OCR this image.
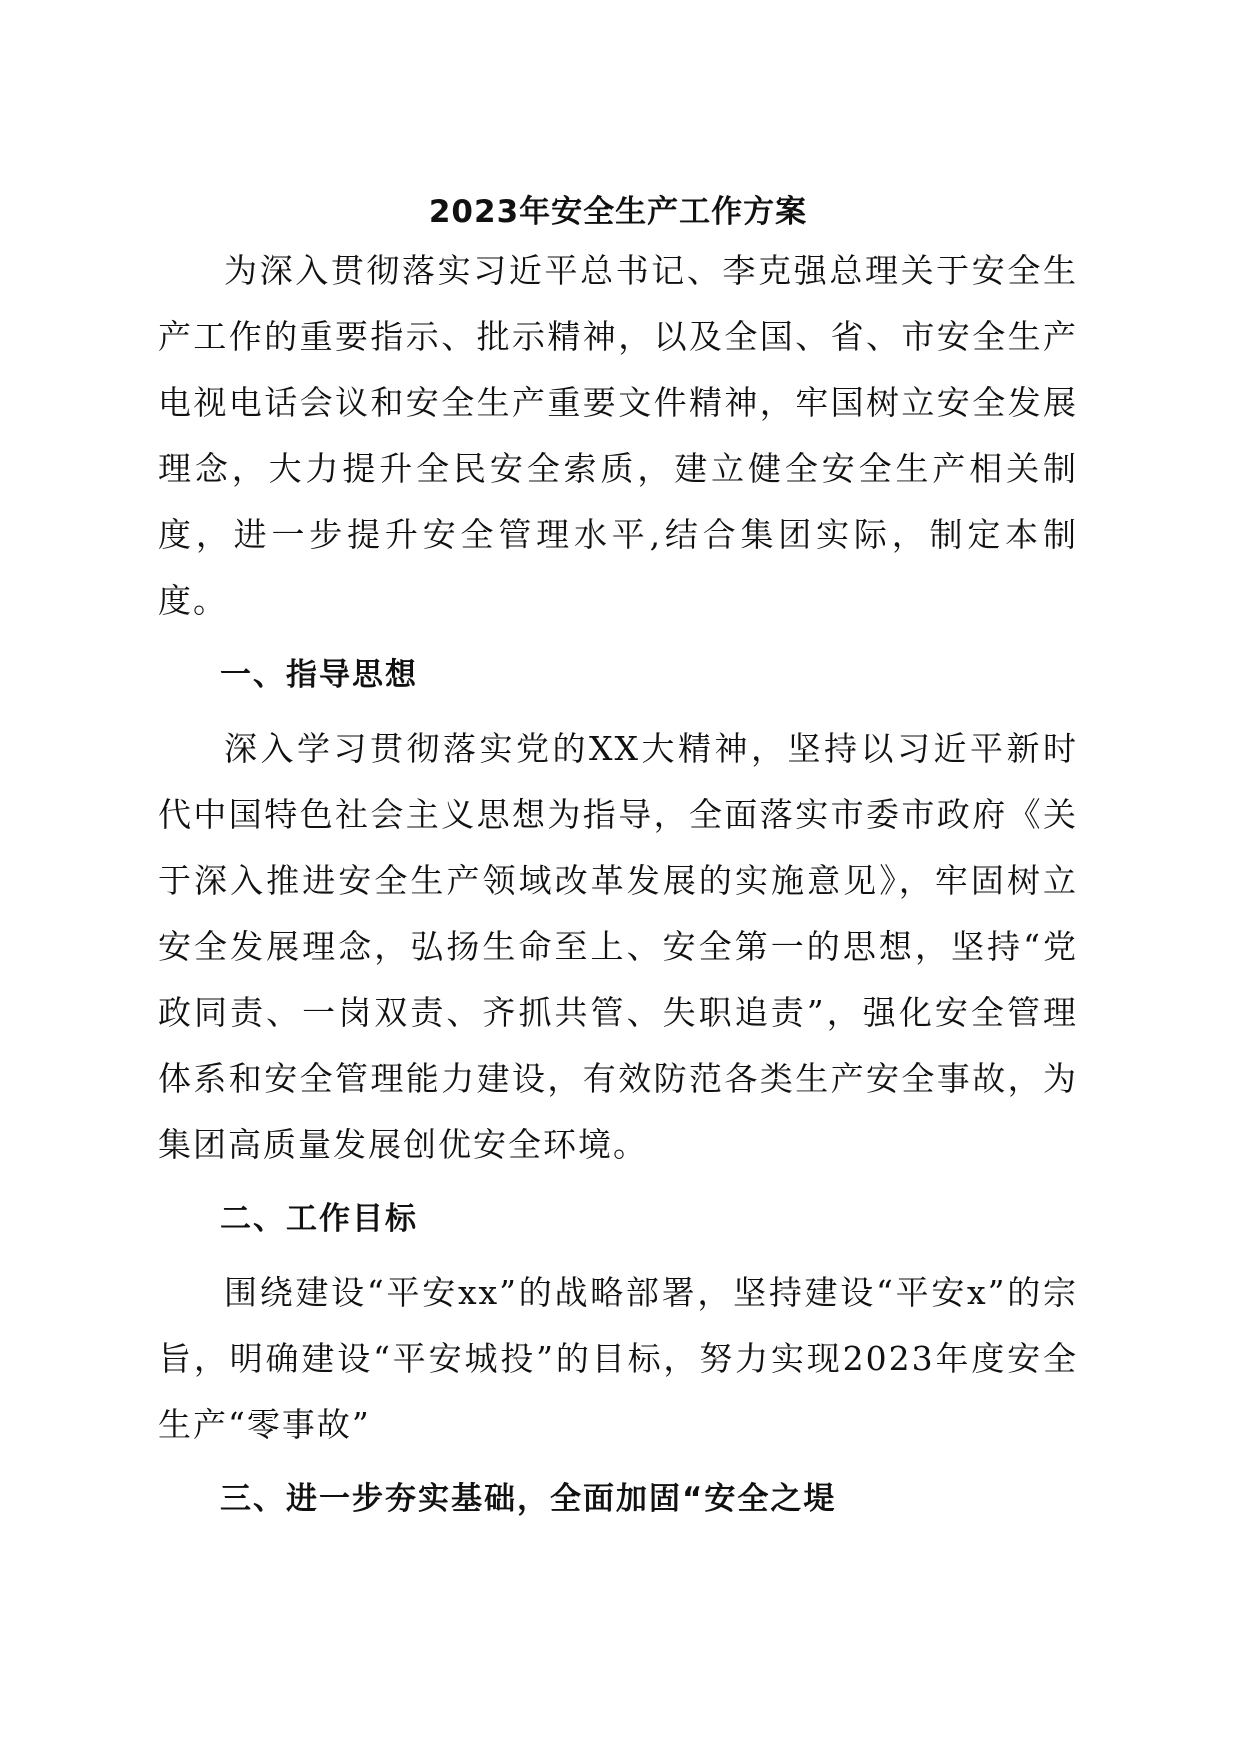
2023年安全生产工作方案

为深入贯彻落实习近平总书记、李克强总理关于安全生产工作的重要指示、批示精神，以及全国、省、市安全生产电视电话会议和安全生产重要文件精神，牢国树立安全发展理念，大力提升全民安全索质，建立健全安全生产相关制度，进一步提升安全管理水平,结合集团实际，制定本制度。

一、指导思想

深入学习贯彻落实党的XX大精神，坚持以习近平新时代中国特色社会主义思想为指导，全面落实市委市政府《关于深入推进安全生产领域改革发展的实施意见》，牢固树立安全发展理念，弘扬生命至上、安全第一的思想，坚持“党政同责、一岗双责、齐抓共管、失职追责”，强化安全管理体系和安全管理能力建设，有效防范各类生产安全事故，为集团高质量发展创优安全环境。

二、工作目标

围绕建设“平安xx”的战略部署，坚持建设“平安x”的宗旨，明确建设“平安城投”的目标，努力实现2023年度安全生产“零事故”

三、进一步夯实基础，全面加固“安全之堤
